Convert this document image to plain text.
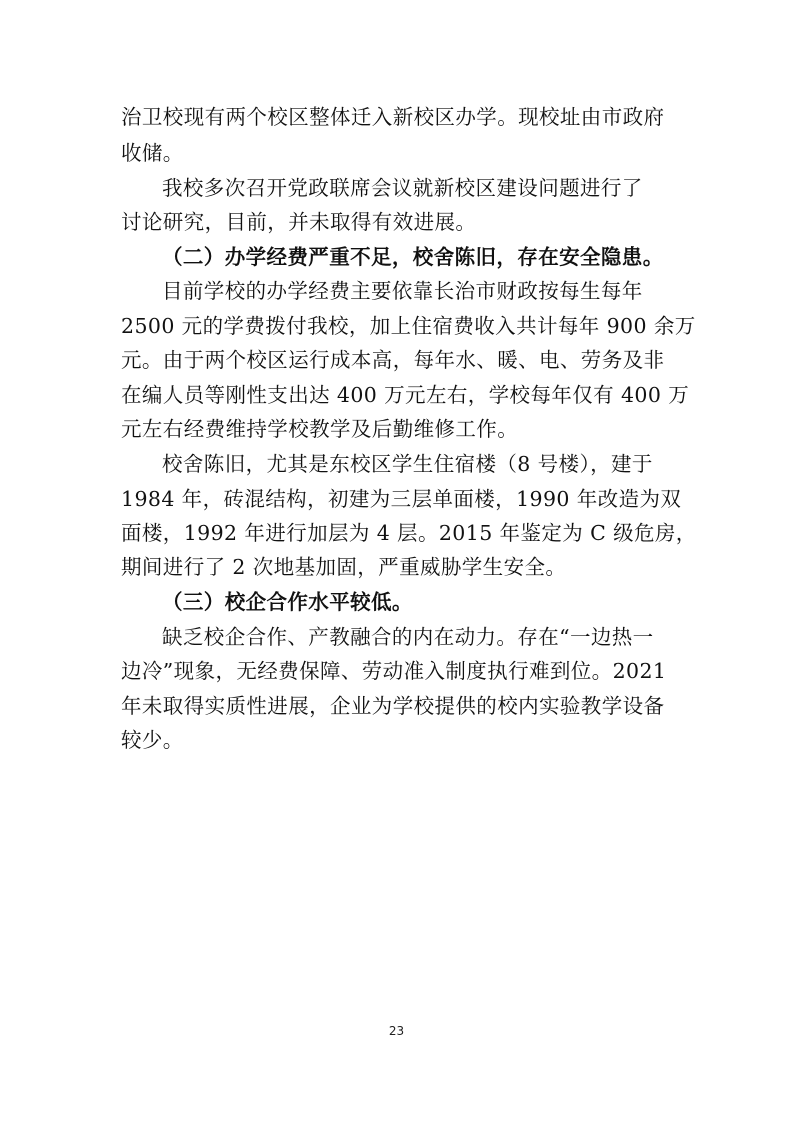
治卫校现有两个校区整体迁入新校区办学。现校址由市政府
收储。
我校多次召开党政联席会议就新校区建设问题进行了
讨论研究，目前，并未取得有效进展。
（二）办学经费严重不足，校舍陈旧，存在安全隐患。
目前学校的办学经费主要依靠长治市财政按每生每年
2500 元的学费拨付我校，加上住宿费收入共计每年 900 余万
元。由于两个校区运行成本高，每年水、暖、电、劳务及非
在编人员等刚性支出达 400 万元左右，学校每年仅有 400 万
元左右经费维持学校教学及后勤维修工作。
校舍陈旧，尤其是东校区学生住宿楼（8 号楼），建于
1984 年，砖混结构，初建为三层单面楼，1990 年改造为双
面楼，1992 年进行加层为 4 层。2015 年鉴定为 C 级危房，
期间进行了 2 次地基加固，严重威胁学生安全。
（三）校企合作水平较低。
缺乏校企合作、产教融合的内在动力。存在“一边热一
边冷”现象，无经费保障、劳动准入制度执行难到位。2021
年未取得实质性进展，企业为学校提供的校内实验教学设备
较少。
23
